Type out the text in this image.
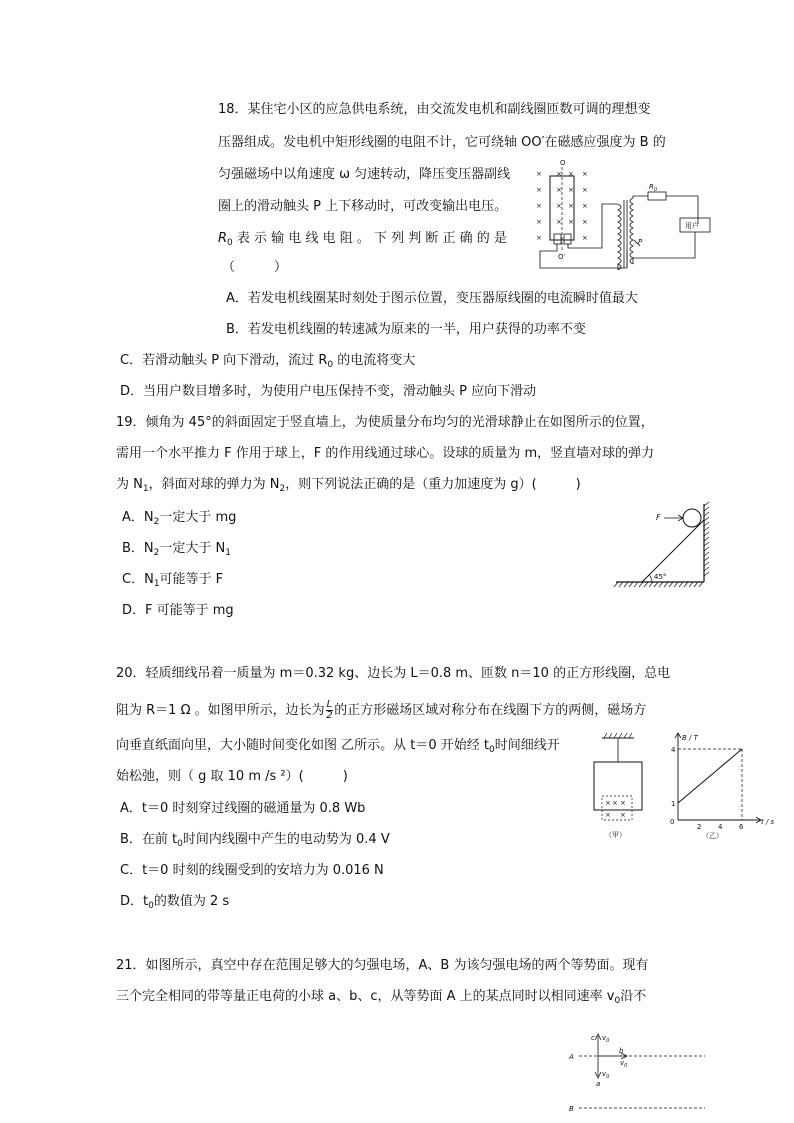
18．某住宅小区的应急供电系统，由交流发电机和副线圈匝数可调的理想变
压器组成。发电机中矩形线圈的电阻不计，它可绕轴 OO′在磁感应强度为 B 的
匀强磁场中以角速度 ω 匀速转动，降压变压器副线
圈上的滑动触头 P 上下移动时，可改变输出电压。
$R_0$ 表 示 输 电 线 电 阻 。 下 列 判 断 正 确 的 是
（　　　）
A．若发电机线圈某时刻处于图示位置，变压器原线圈的电流瞬时值最大
B．若发电机线圈的转速减为原来的一半，用户获得的功率不变
C．若滑动触头 P 向下滑动，流过 $R_0$ 的电流将变大
D．当用户数目增多时，为使用户电压保持不变，滑动触头 P 应向下滑动
O
O′
× × ×
× × × ×
× × × ×
× × × ×
×	×
×
$R_0$
用户
P
19．倾角为 45°的斜面固定于竖直墙上，为使质量分布均匀的光滑球静止在如图所示的位置，
需用一个水平推力 F 作用于球上，F 的作用线通过球心。设球的质量为 m，竖直墙对球的弹力
为 $N_1$，斜面对球的弹力为 $N_2$，则下列说法正确的是（重力加速度为 g）(　　　)
A．$N_2$一定大于 mg
B．$N_2$一定大于 $N_1$
C．$N_1$可能等于 F
D．F 可能等于 mg
F
45°
20．轻质细线吊着一质量为 m＝0.32 kg、边长为 L＝0.8 m、匝数 n＝10 的正方形线圈，总电
阻为 R＝1 Ω 。如图甲所示，边长为 $\frac{L}{2}$ 的正方形磁场区域对称分布在线圈下方的两侧，磁场方
向垂直纸面向里，大小随时间变化如图 乙所示。从 t＝0 开始经 $t_0$时间细线开
始松弛，则（ g 取 10 m /s ²）(　　　)
A．t＝0 时刻穿过线圈的磁通量为 0.8 Wb
B．在前 $t_0$时间内线圈中产生的电动势为 0.4 V
C．t＝0 时刻的线圈受到的安培力为 0.016 N
D．$t_0$的数值为 2 s
× × ×
× ×
（甲）
B / T
t / s
0
1
4
2 4 6
（乙）
21．如图所示，真空中存在范围足够大的匀强电场，A、B 为该匀强电场的两个等势面。现有
三个完全相同的带等量正电荷的小球 a、b、c，从等势面 A 上的某点同时以相同速率 $v_0$沿不
A
B
c
b
a
$v_0$
$v_0$
$v_0$
